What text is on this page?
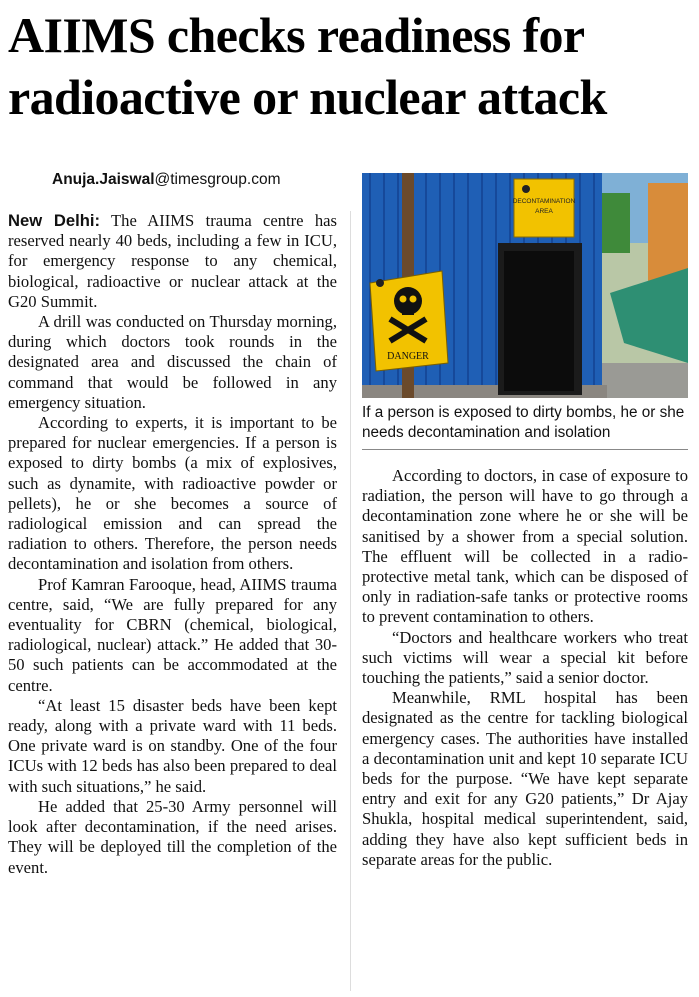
AIIMS checks readiness for
radioactive or nuclear attack
Anuja.Jaiswal@timesgroup.com

New Delhi: The AIIMS trauma centre has reserved nearly 40 beds, including a few in ICU, for emergency response to any chemical, biological, radioactive or nuclear attack at the G20 Summit.

A drill was conducted on Thursday morning, during which doctors took rounds in the designated area and discussed the chain of command that would be followed in any emergency situation.

According to experts, it is important to be prepared for nuclear emergencies. If a person is exposed to dirty bombs (a mix of explosives, such as dynamite, with radioactive powder or pellets), he or she becomes a source of radiological emission and can spread the radiation to others. Therefore, the person needs decontamination and isolation from others.

Prof Kamran Farooque, head, AIIMS trauma centre, said, “We are fully prepared for any eventuality for CBRN (chemical, biological, radiological, nuclear) attack.” He added that 30-50 such patients can be accommodated at the centre.

“At least 15 disaster beds have been kept ready, along with a private ward with 11 beds. One private ward is on standby. One of the four ICUs with 12 beds has also been prepared to deal with such situations,” he said.

He added that 25-30 Army personnel will look after decontamination, if the need arises. They will be deployed till the completion of the event.

DECONTAMINATION
AREA
DANGER
If a person is exposed to dirty bombs, he or she needs decontamination and isolation

According to doctors, in case of exposure to radiation, the person will have to go through a decontamination zone where he or she will be sanitised by a shower from a special solution. The effluent will be collected in a radio-protective metal tank, which can be disposed of only in radiation-safe tanks or protective rooms to prevent contamination to others.

“Doctors and healthcare workers who treat such victims will wear a special kit before touching the patients,” said a senior doctor.

Meanwhile, RML hospital has been designated as the centre for tackling biological emergency cases. The authorities have installed a decontamination unit and kept 10 separate ICU beds for the purpose. “We have kept separate entry and exit for any G20 patients,” Dr Ajay Shukla, hospital medical superintendent, said, adding they have also kept sufficient beds in separate areas for the public.
